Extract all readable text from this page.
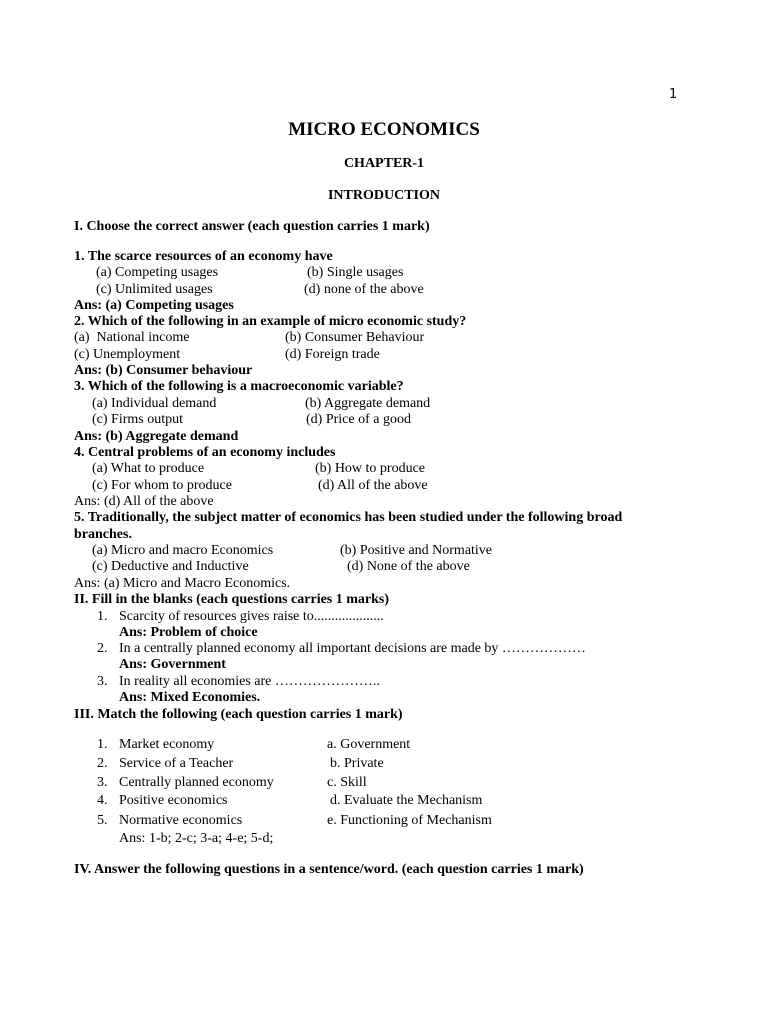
1
MICRO ECONOMICS
CHAPTER-1
INTRODUCTION
I. Choose the correct answer (each question carries 1 mark)
1. The scarce resources of an economy have
(a) Competing usages	(b) Single usages
(c) Unlimited usages	(d) none of the above
Ans: (a) Competing usages
2. Which of the following in an example of micro economic study?
(a)  National income	(b) Consumer Behaviour
(c) Unemployment	(d) Foreign trade
Ans: (b) Consumer behaviour
3. Which of the following is a macroeconomic variable?
(a) Individual demand	(b) Aggregate demand
(c) Firms output	(d) Price of a good
Ans: (b) Aggregate demand
4. Central problems of an economy includes
(a) What to produce	(b) How to produce
(c) For whom to produce	(d) All of the above
Ans: (d) All of the above
5. Traditionally, the subject matter of economics has been studied under the following broad
branches.
(a) Micro and macro Economics	(b) Positive and Normative
(c) Deductive and Inductive	(d) None of the above
Ans: (a) Micro and Macro Economics.
II. Fill in the blanks (each questions carries 1 marks)
1. Scarcity of resources gives raise to....................
Ans: Problem of choice
2. In a centrally planned economy all important decisions are made by ………………
Ans: Government
3. In reality all economies are …………………..
Ans: Mixed Economies.
III. Match the following (each question carries 1 mark)
1. Market economy	a. Government
2. Service of a Teacher	b. Private
3. Centrally planned economy	c. Skill
4. Positive economics	d. Evaluate the Mechanism
5. Normative economics	e. Functioning of Mechanism
Ans: 1-b; 2-c; 3-a; 4-e; 5-d;
IV. Answer the following questions in a sentence/word. (each question carries 1 mark)
